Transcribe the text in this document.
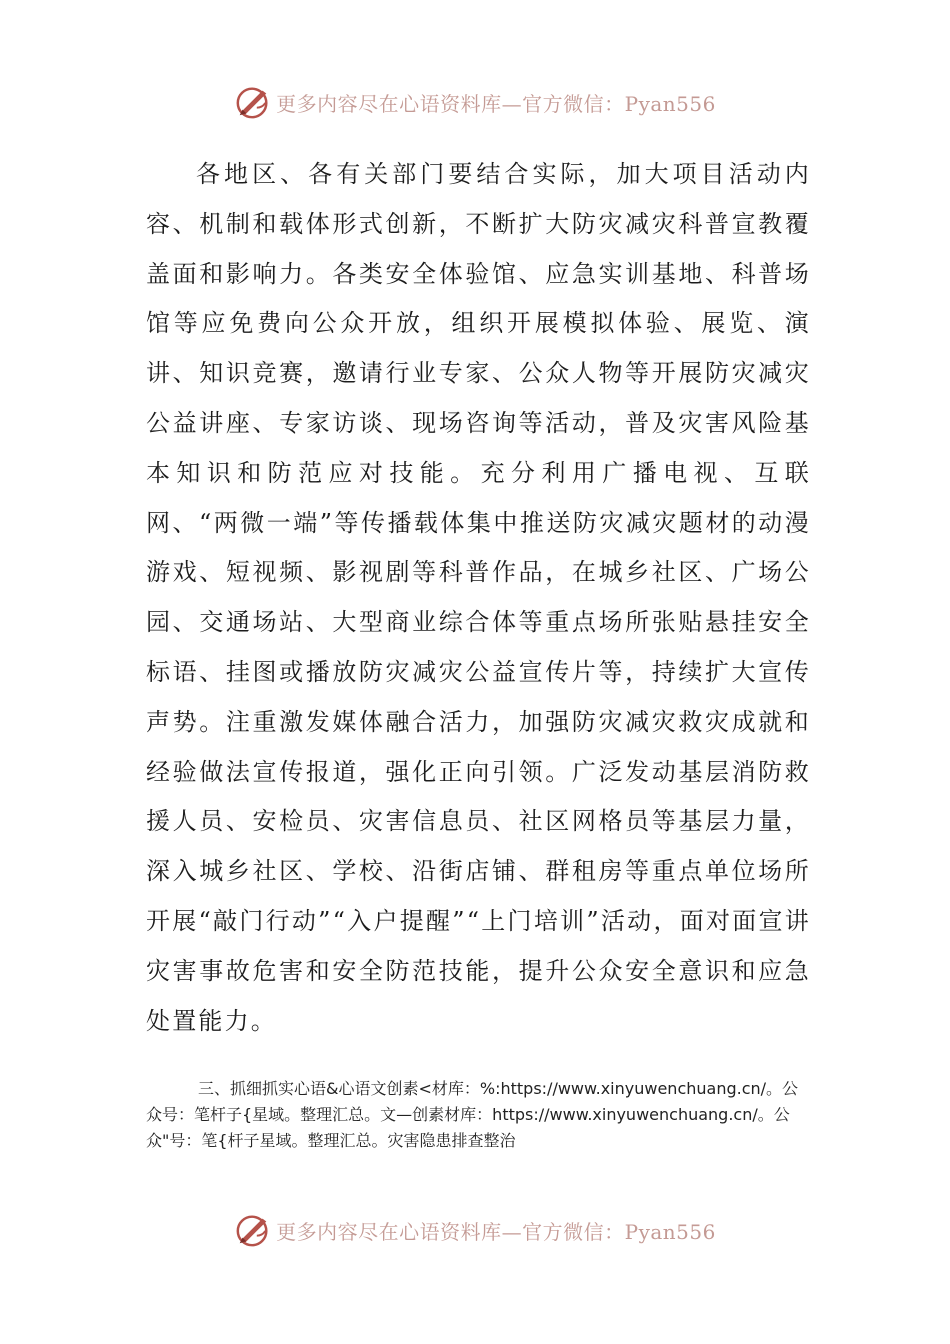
更多内容尽在心语资料库—官方微信：Pyan556

各地区、各有关部门要结合实际，加大项目活动内容、机制和载体形式创新，不断扩大防灾减灾科普宣教覆盖面和影响力。各类安全体验馆、应急实训基地、科普场馆等应免费向公众开放，组织开展模拟体验、展览、演讲、知识竞赛，邀请行业专家、公众人物等开展防灾减灾公益讲座、专家访谈、现场咨询等活动，普及灾害风险基本知识和防范应对技能。充分利用广播电视、互联网、“两微一端”等传播载体集中推送防灾减灾题材的动漫游戏、短视频、影视剧等科普作品，在城乡社区、广场公园、交通场站、大型商业综合体等重点场所张贴悬挂安全标语、挂图或播放防灾减灾公益宣传片等，持续扩大宣传声势。注重激发媒体融合活力，加强防灾减灾救灾成就和经验做法宣传报道，强化正向引领。广泛发动基层消防救援人员、安检员、灾害信息员、社区网格员等基层力量，深入城乡社区、学校、沿街店铺、群租房等重点单位场所开展“敲门行动”“入户提醒”“上门培训”活动，面对面宣讲灾害事故危害和安全防范技能，提升公众安全意识和应急处置能力。

三、抓细抓实心语&心语文创素<材库：%:https://www.xinyuwenchuang.cn/。公众号：笔杆子{星域。整理汇总。文—创素材库：https://www.xinyuwenchuang.cn/。公众"号：笔{杆子星域。整理汇总。灾害隐患排查整治

更多内容尽在心语资料库—官方微信：Pyan556
